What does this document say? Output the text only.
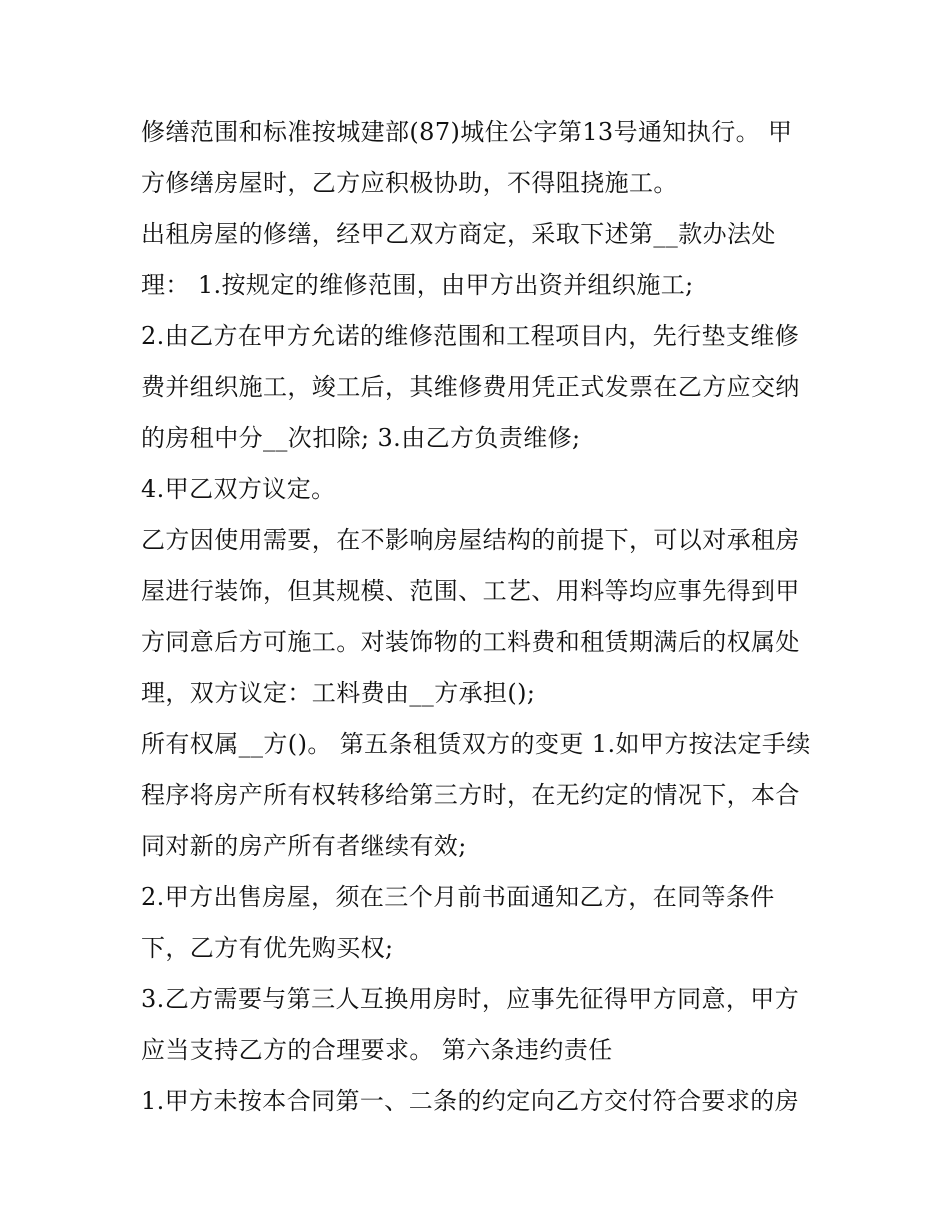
修缮范围和标准按城建部(87)城住公字第13号通知执行。 甲
方修缮房屋时，乙方应积极协助，不得阻挠施工。
出租房屋的修缮，经甲乙双方商定，采取下述第__款办法处
理： 1.按规定的维修范围，由甲方出资并组织施工;
2.由乙方在甲方允诺的维修范围和工程项目内，先行垫支维修
费并组织施工，竣工后，其维修费用凭正式发票在乙方应交纳
的房租中分__次扣除; 3.由乙方负责维修;
4.甲乙双方议定。
乙方因使用需要，在不影响房屋结构的前提下，可以对承租房
屋进行装饰，但其规模、范围、工艺、用料等均应事先得到甲
方同意后方可施工。对装饰物的工料费和租赁期满后的权属处
理，双方议定：工料费由__方承担();
所有权属__方()。 第五条租赁双方的变更 1.如甲方按法定手续
程序将房产所有权转移给第三方时，在无约定的情况下，本合
同对新的房产所有者继续有效;
2.甲方出售房屋，须在三个月前书面通知乙方，在同等条件
下，乙方有优先购买权;
3.乙方需要与第三人互换用房时，应事先征得甲方同意，甲方
应当支持乙方的合理要求。 第六条违约责任
1.甲方未按本合同第一、二条的约定向乙方交付符合要求的房
